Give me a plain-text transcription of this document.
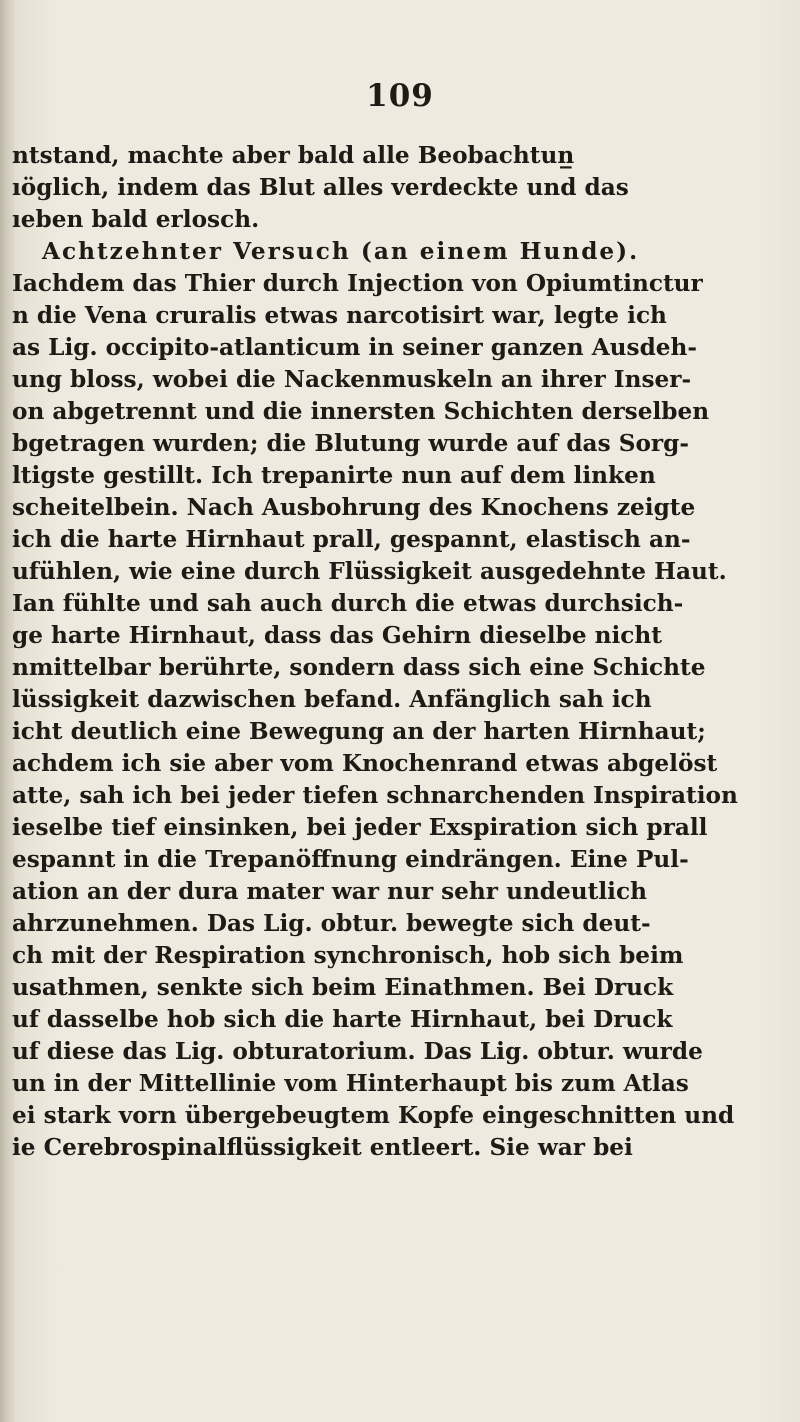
109
ntstand, machte aber bald alle Beobachtun̲
ıöglich, indem das Blut alles verdeckte und das
ıeben bald erlosch.
Achtzehnter Versuch (an einem Hunde).
Iachdem das Thier durch Injection von Opiumtinctur
n die Vena cruralis etwas narcotisirt war, legte ich
as Lig. occipito-atlanticum in seiner ganzen Ausdeh-
ung bloss, wobei die Nackenmuskeln an ihrer Inser-
on abgetrennt und die innersten Schichten derselben
bgetragen wurden; die Blutung wurde auf das Sorg-
ltigste gestillt. Ich trepanirte nun auf dem linken
scheitelbein. Nach Ausbohrung des Knochens zeigte
ich die harte Hirnhaut prall, gespannt, elastisch an-
ufühlen, wie eine durch Flüssigkeit ausgedehnte Haut.
Ian fühlte und sah auch durch die etwas durchsich-
ge harte Hirnhaut, dass das Gehirn dieselbe nicht
nmittelbar berührte, sondern dass sich eine Schichte
lüssigkeit dazwischen befand. Anfänglich sah ich
icht deutlich eine Bewegung an der harten Hirnhaut;
achdem ich sie aber vom Knochenrand etwas abgelöst
atte, sah ich bei jeder tiefen schnarchenden Inspiration
ieselbe tief einsinken, bei jeder Exspiration sich prall
espannt in die Trepanöffnung eindrängen. Eine Pul-
ation an der dura mater war nur sehr undeutlich
ahrzunehmen. Das Lig. obtur. bewegte sich deut-
ch mit der Respiration synchronisch, hob sich beim
usathmen, senkte sich beim Einathmen. Bei Druck
uf dasselbe hob sich die harte Hirnhaut, bei Druck
uf diese das Lig. obturatorium. Das Lig. obtur. wurde
un in der Mittellinie vom Hinterhaupt bis zum Atlas
ei stark vorn übergebeugtem Kopfe eingeschnitten und
ie Cerebrospinalflüssigkeit entleert. Sie war bei
